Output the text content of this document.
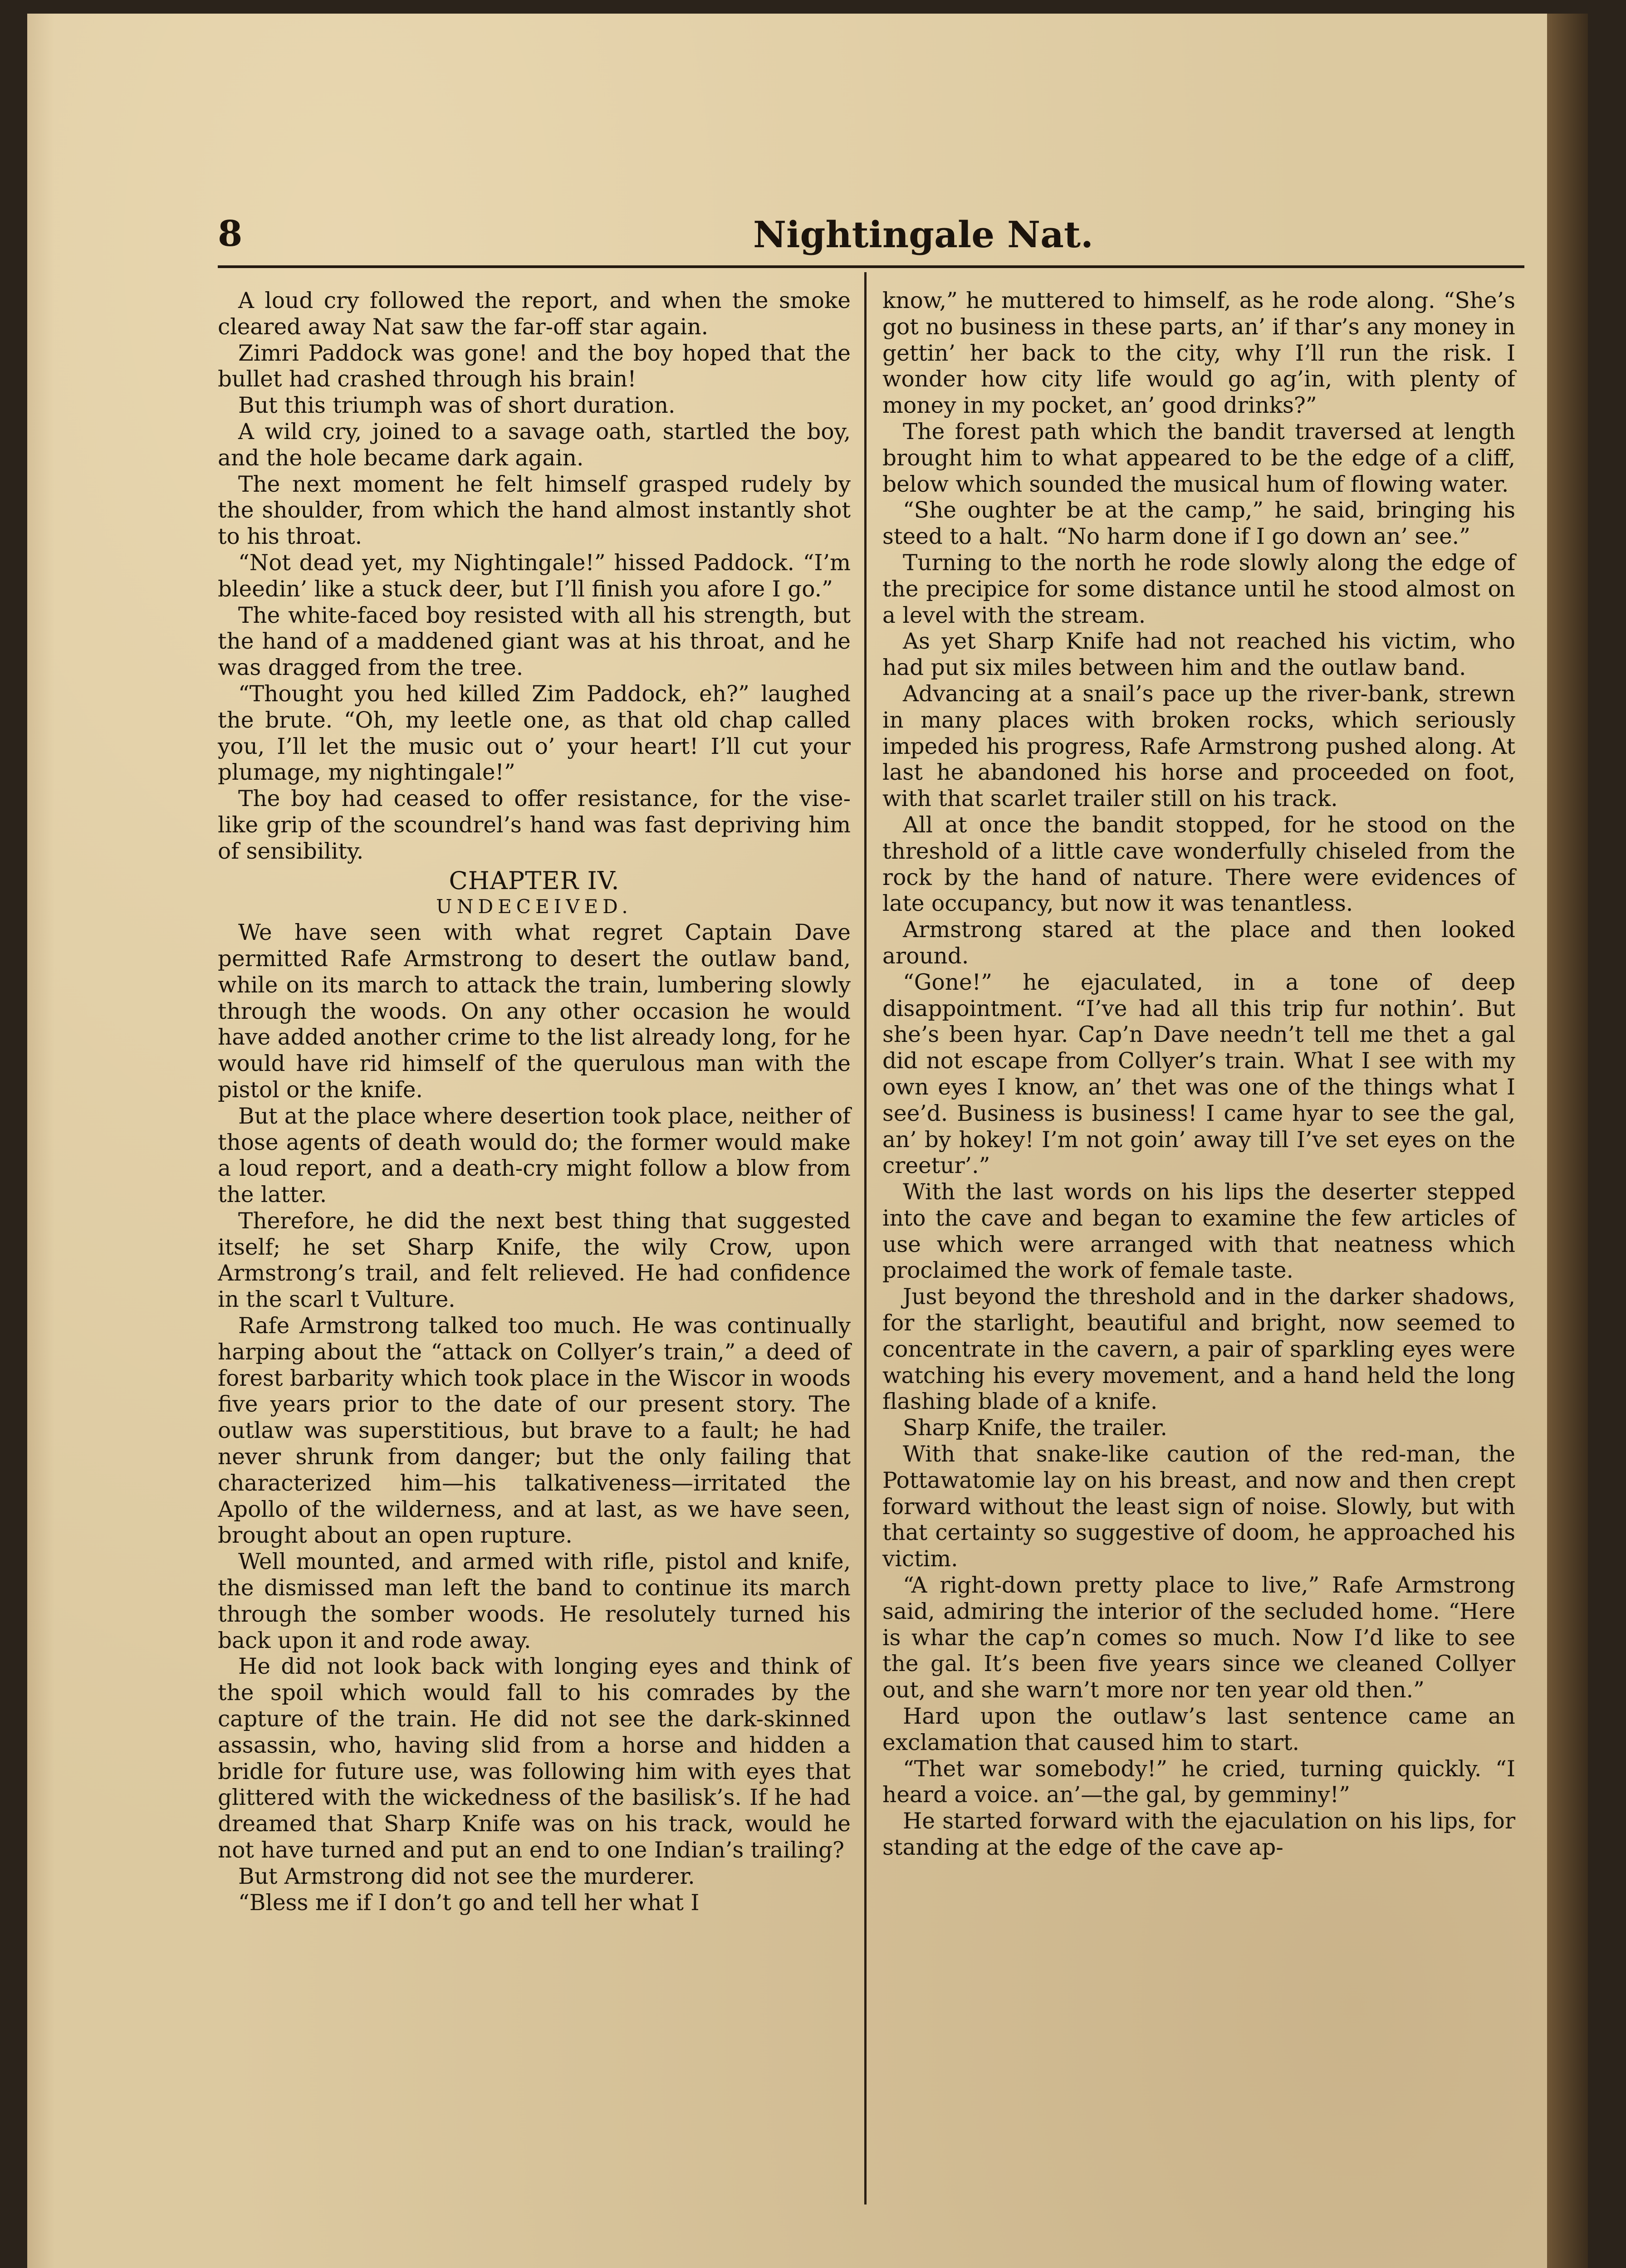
8	Nightingale Nat.

A loud cry followed the report, and when the smoke cleared away Nat saw the far-off star again.

Zimri Paddock was gone! and the boy hoped that the bullet had crashed through his brain!

But this triumph was of short duration.

A wild cry, joined to a savage oath, startled the boy, and the hole became dark again.

The next moment he felt himself grasped rudely by the shoulder, from which the hand almost instantly shot to his throat.

“Not dead yet, my Nightingale!” hissed Paddock. “I’m bleedin’ like a stuck deer, but I’ll finish you afore I go.”

The white-faced boy resisted with all his strength, but the hand of a maddened giant was at his throat, and he was dragged from the tree.

“Thought you hed killed Zim Paddock, eh?” laughed the brute. “Oh, my leetle one, as that old chap called you, I’ll let the music out o’ your heart! I’ll cut your plumage, my nightingale!”

The boy had ceased to offer resistance, for the vise-like grip of the scoundrel’s hand was fast depriving him of sensibility.

CHAPTER IV.

UNDECEIVED.

We have seen with what regret Captain Dave permitted Rafe Armstrong to desert the outlaw band, while on its march to attack the train, lumbering slowly through the woods. On any other occasion he would have added another crime to the list already long, for he would have rid himself of the querulous man with the pistol or the knife.

But at the place where desertion took place, neither of those agents of death would do; the former would make a loud report, and a death-cry might follow a blow from the latter.

Therefore, he did the next best thing that suggested itself; he set Sharp Knife, the wily Crow, upon Armstrong’s trail, and felt relieved. He had confidence in the scarl t Vulture.

Rafe Armstrong talked too much. He was continually harping about the “attack on Collyer’s train,” a deed of forest barbarity which took place in the Wiscor in woods five years prior to the date of our present story. The outlaw was superstitious, but brave to a fault; he had never shrunk from danger; but the only failing that characterized him—his talkativeness—irritated the Apollo of the wilderness, and at last, as we have seen, brought about an open rupture.

Well mounted, and armed with rifle, pistol and knife, the dismissed man left the band to continue its march through the somber woods. He resolutely turned his back upon it and rode away.

He did not look back with longing eyes and think of the spoil which would fall to his comrades by the capture of the train. He did not see the dark-skinned assassin, who, having slid from a horse and hidden a bridle for future use, was following him with eyes that glittered with the wickedness of the basilisk’s. If he had dreamed that Sharp Knife was on his track, would he not have turned and put an end to one Indian’s trailing?

But Armstrong did not see the murderer.

“Bless me if I don’t go and tell her what I

know,” he muttered to himself, as he rode along. “She’s got no business in these parts, an’ if thar’s any money in gettin’ her back to the city, why I’ll run the risk. I wonder how city life would go ag’in, with plenty of money in my pocket, an’ good drinks?”

The forest path which the bandit traversed at length brought him to what appeared to be the edge of a cliff, below which sounded the musical hum of flowing water.

“She oughter be at the camp,” he said, bringing his steed to a halt. “No harm done if I go down an’ see.”

Turning to the north he rode slowly along the edge of the precipice for some distance until he stood almost on a level with the stream.

As yet Sharp Knife had not reached his victim, who had put six miles between him and the outlaw band.

Advancing at a snail’s pace up the river-bank, strewn in many places with broken rocks, which seriously impeded his progress, Rafe Armstrong pushed along. At last he abandoned his horse and proceeded on foot, with that scarlet trailer still on his track.

All at once the bandit stopped, for he stood on the threshold of a little cave wonderfully chiseled from the rock by the hand of nature. There were evidences of late occupancy, but now it was tenantless.

Armstrong stared at the place and then looked around.

“Gone!” he ejaculated, in a tone of deep disappointment. “I’ve had all this trip fur nothin’. But she’s been hyar. Cap’n Dave needn’t tell me thet a gal did not escape from Collyer’s train. What I see with my own eyes I know, an’ thet was one of the things what I see’d. Business is business! I came hyar to see the gal, an’ by hokey! I’m not goin’ away till I’ve set eyes on the creetur’.”

With the last words on his lips the deserter stepped into the cave and began to examine the few articles of use which were arranged with that neatness which proclaimed the work of female taste.

Just beyond the threshold and in the darker shadows, for the starlight, beautiful and bright, now seemed to concentrate in the cavern, a pair of sparkling eyes were watching his every movement, and a hand held the long flashing blade of a knife.

Sharp Knife, the trailer.

With that snake-like caution of the red-man, the Pottawatomie lay on his breast, and now and then crept forward without the least sign of noise. Slowly, but with that certainty so suggestive of doom, he approached his victim.

“A right-down pretty place to live,” Rafe Armstrong said, admiring the interior of the secluded home. “Here is whar the cap’n comes so much. Now I’d like to see the gal. It’s been five years since we cleaned Collyer out, and she warn’t more nor ten year old then.”

Hard upon the outlaw’s last sentence came an exclamation that caused him to start.

“Thet war somebody!” he cried, turning quickly. “I heard a voice. an’—the gal, by gemminy!”

He started forward with the ejaculation on his lips, for standing at the edge of the cave ap-
